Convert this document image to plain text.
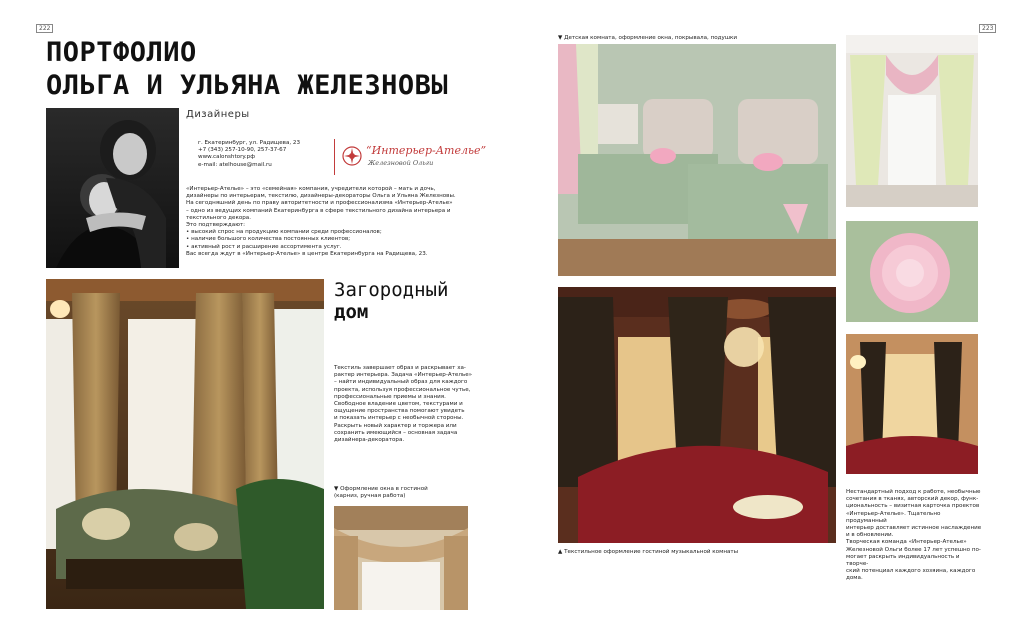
222
ПОРТФОЛИО
ОЛЬГА И УЛЬЯНА ЖЕЛЕЗНОВЫ
Дизайнеры
г. Екатеринбург, ул. Радищева, 23
+7 (343) 257-10-90, 257-37-67
www.сalonshtory.рф
e-mail: atelhouse@mail.ru
“Интерьер-Ателье”
Железновой Ольги
«Интерьер-Ателье» – это «семейная» компания, учредители которой – мать и дочь,
дизайнеры по интерьерам, текстилю, дизайнеры-декораторы Ольга и Ульяна Железновы.
На сегодняшний день по праву авторитетности и профессионализма «Интерьер-Ателье»
– одно из ведущих компаний Екатеринбурга в сфере текстильного дизайна интерьера и
текстильного декора.
Это подтверждают:
• высокий спрос на продукцию компании среди профессионалов;
• наличие большого количества постоянных клиентов;
• активный рост и расширение ассортимента услуг.
Вас всегда ждут в «Интерьер-Ателье» в центре Екатеринбурга на Радищева, 23.
Загородный
дом
Текстиль завершает образ и раскрывает ха-
рактер интерьера. Задача «Интерьер-Ателье»
– найти индивидуальный образ для каждого
проекта, используя профессиональное чутье,
профессиональные приемы и знания.
Свободное владение цветом, текстурами и
ощущение пространства помогают увидеть
и показать интерьер с необычной стороны.
Раскрыть новый характер и торжера или
сохранить имеющийся – основная задача
дизайнера-декоратора.
▼ Оформление окна в гостиной
(карниз, ручная работа)
▼ Детская комната, оформление окна, покрывала, подушки
223
▲ Текстильное оформление гостиной музыкальной комнаты
Нестандартный подход к работе, необычные
сочетания в тканях, авторский декор, функ-
циональность – визитная карточка проектов
«Интерьер-Ателье». Тщательно продуманный
интерьер доставляет истинное наслаждение
и в обновлении.
Творческая команда «Интерьер-Ателье»
Железновой Ольги более 17 лет успешно по-
могает раскрыть индивидуальность и творче-
ский потенциал каждого хозяина, каждого
дома.
